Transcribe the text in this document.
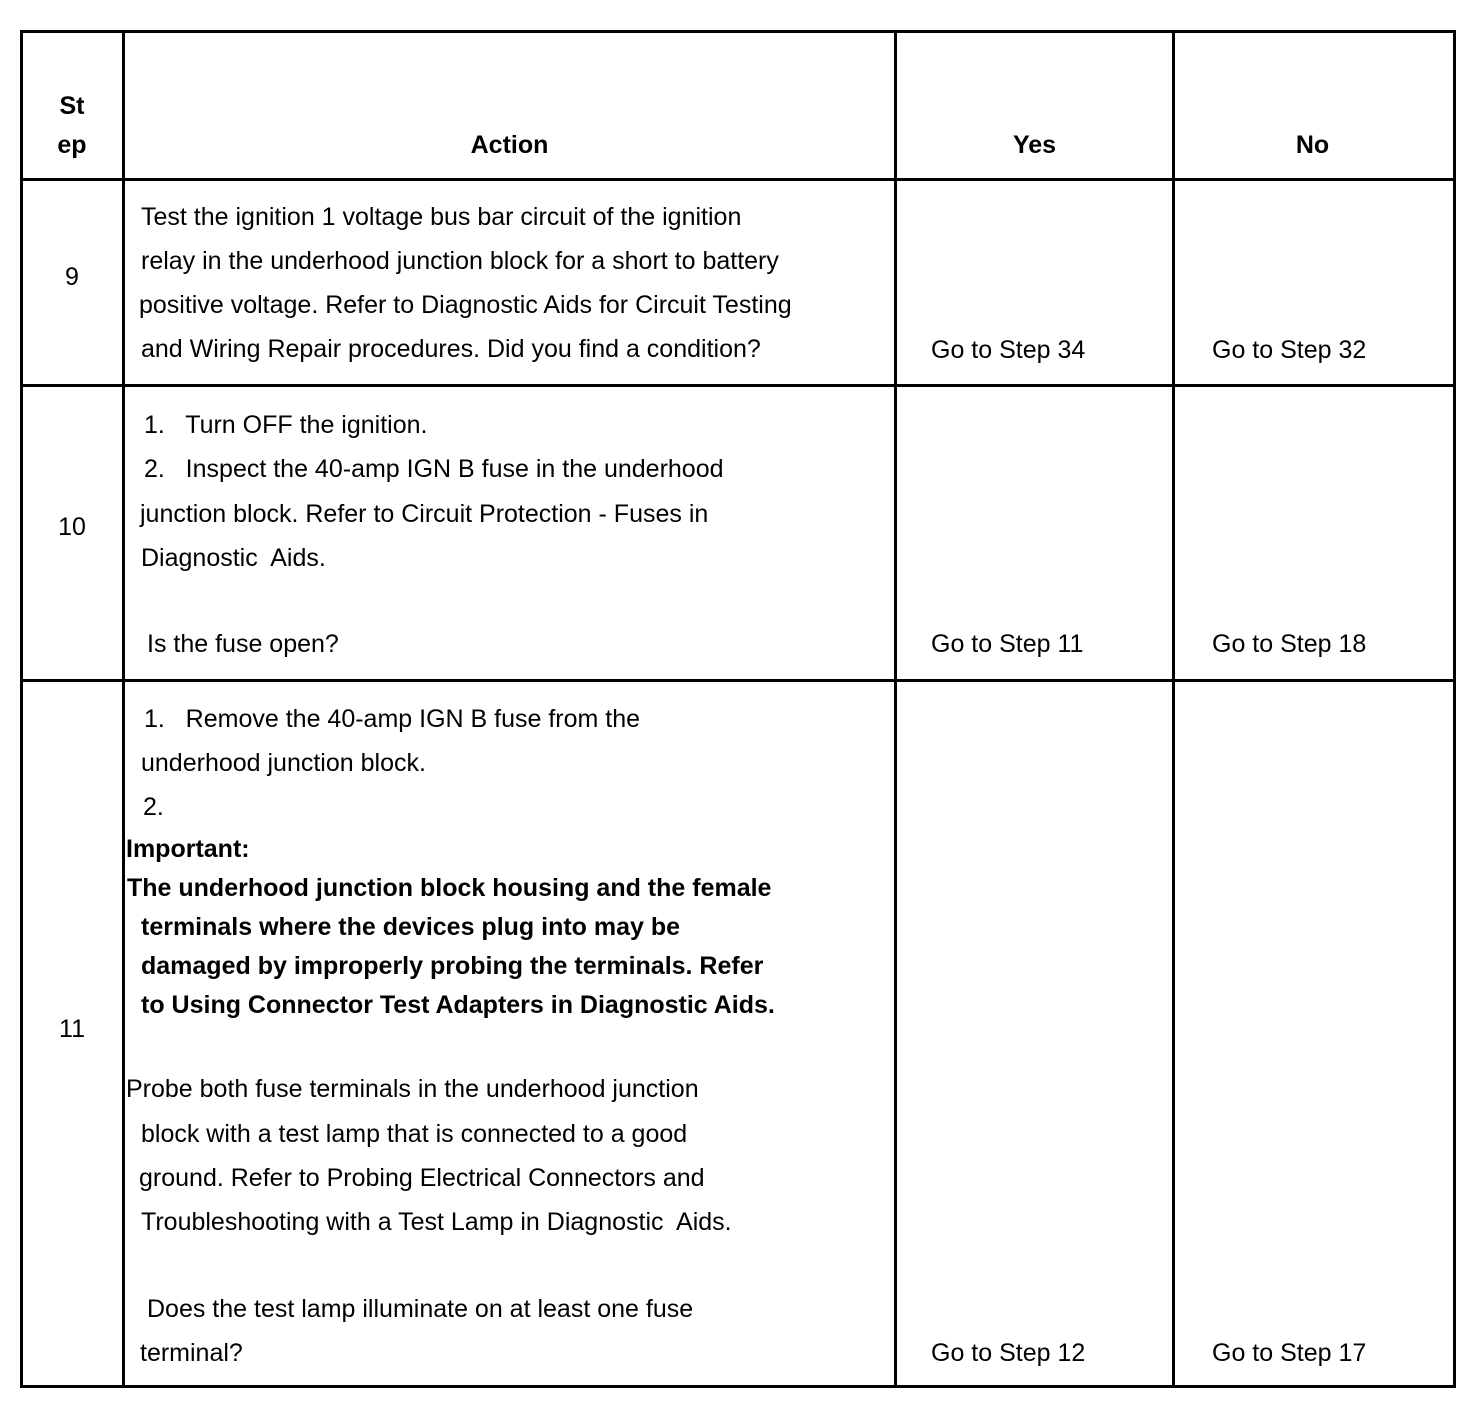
St
ep	Action	Yes	No
9
Test the ignition 1 voltage bus bar circuit of the ignition
relay in the underhood junction block for a short to battery
positive voltage. Refer to Diagnostic Aids for Circuit Testing
and Wiring Repair procedures. Did you find a condition?	Go to Step 34	Go to Step 32
10
1.   Turn OFF the ignition.
2.   Inspect the 40-amp IGN B fuse in the underhood
junction block. Refer to Circuit Protection - Fuses in
Diagnostic  Aids.
Is the fuse open?	Go to Step 11	Go to Step 18
11
1.   Remove the 40-amp IGN B fuse from the
underhood junction block.
2.
Important:
The underhood junction block housing and the female
terminals where the devices plug into may be
damaged by improperly probing the terminals. Refer
to Using Connector Test Adapters in Diagnostic Aids.
Probe both fuse terminals in the underhood junction
block with a test lamp that is connected to a good
ground. Refer to Probing Electrical Connectors and
Troubleshooting with a Test Lamp in Diagnostic  Aids.
Does the test lamp illuminate on at least one fuse
terminal?	Go to Step 12	Go to Step 17
